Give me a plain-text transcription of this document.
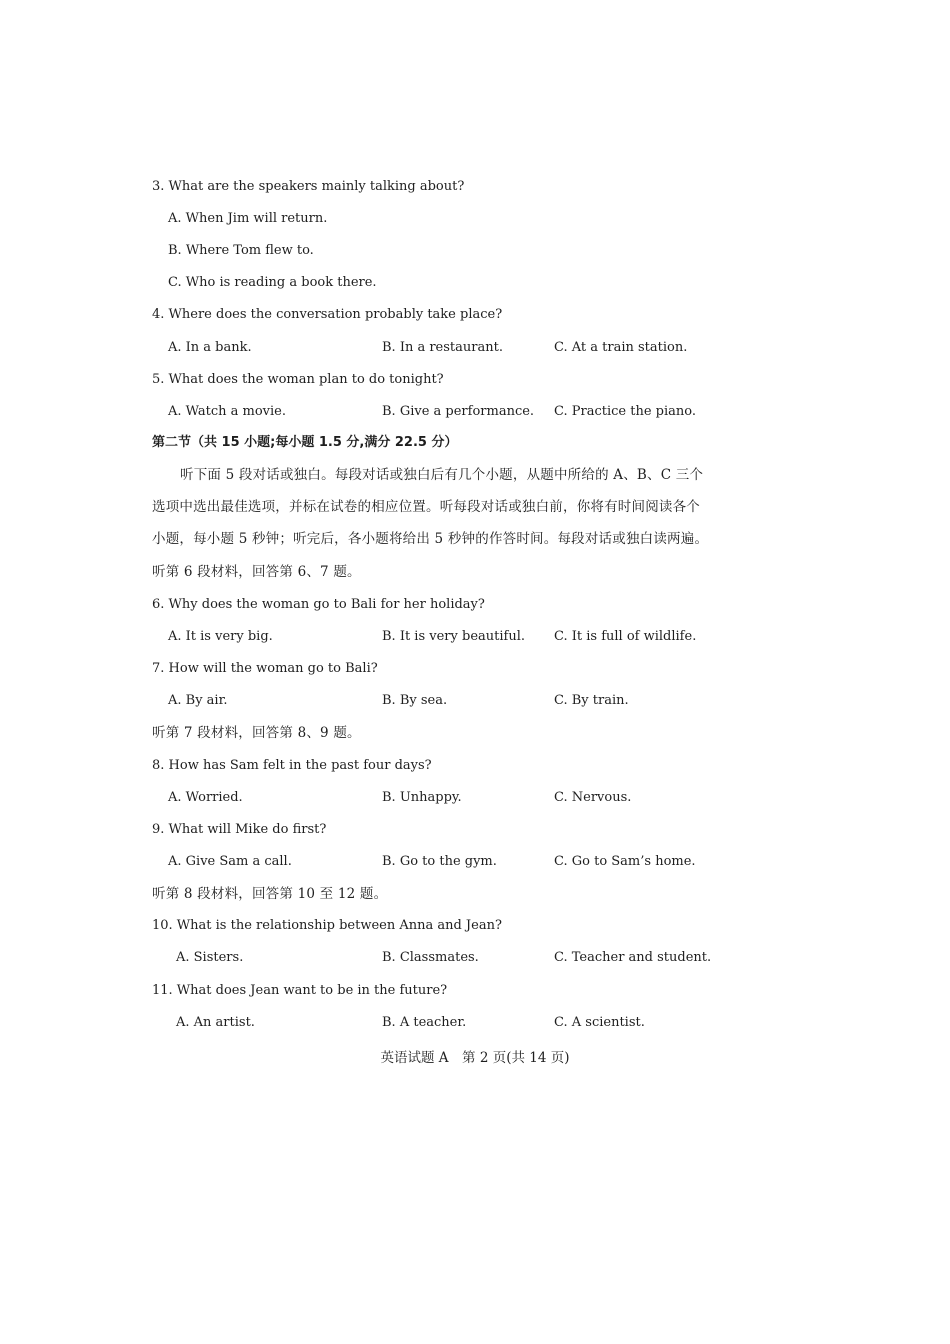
3. What are the speakers mainly talking about?
A. When Jim will return.
B. Where Tom flew to.
C. Who is reading a book there.
4. Where does the conversation probably take place?
A. In a bank.	B. In a restaurant.	C. At a train station.
5. What does the woman plan to do tonight?
A. Watch a movie.	B. Give a performance. C. Practice the piano.
第二节（共 15 小题;每小题 1.5 分,满分 22.5 分）
听下面 5 段对话或独白。每段对话或独白后有几个小题，从题中所给的 A、B、C 三个
选项中选出最佳选项，并标在试卷的相应位置。听每段对话或独白前，你将有时间阅读各个
小题，每小题 5 秒钟；听完后，各小题将给出 5 秒钟的作答时间。每段对话或独白读两遍。
听第 6 段材料，回答第 6、7 题。
6. Why does the woman go to Bali for her holiday?
A. It is very big.	B. It is very beautiful. C. It is full of wildlife.
7. How will the woman go to Bali?
A. By air.	B. By sea.	C. By train.
听第 7 段材料，回答第 8、9 题。
8. How has Sam felt in the past four days?
A. Worried.	B. Unhappy.	C. Nervous.
9. What will Mike do first?
A. Give Sam a call.	B. Go to the gym.	C. Go to Sam’s home.
听第 8 段材料，回答第 10 至 12 题。
10. What is the relationship between Anna and Jean?
A. Sisters.	B. Classmates.	C. Teacher and student.
11. What does Jean want to be in the future?
A. An artist.	B. A teacher.	C. A scientist.
英语试题 A　第 2 页(共 14 页)
